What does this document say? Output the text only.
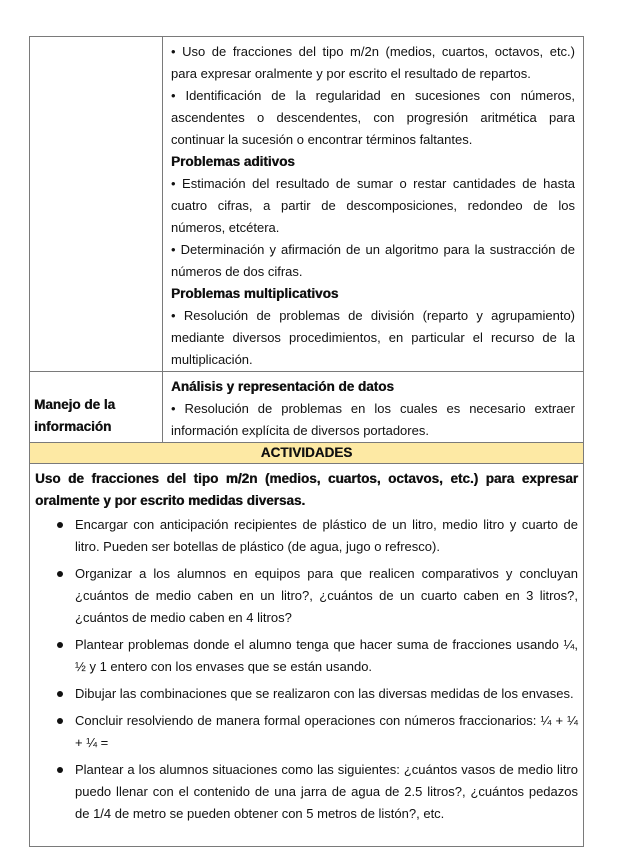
• Uso de fracciones del tipo m/2n (medios, cuartos, octavos, etc.) para expresar oralmente y por escrito el resultado de repartos.

• Identificación de la regularidad en sucesiones con números, ascendentes o descendentes, con progresión aritmética para continuar la sucesión o encontrar términos faltantes.

Problemas aditivos

• Estimación del resultado de sumar o restar cantidades de hasta cuatro cifras, a partir de descomposiciones, redondeo de los números, etcétera.

• Determinación y afirmación de un algoritmo para la sustracción de números de dos cifras.

Problemas multiplicativos

• Resolución de problemas de división (reparto y agrupamiento) mediante diversos procedimientos, en particular el recurso de la multiplicación.

Manejo de la
información

Análisis y representación de datos

• Resolución de problemas en los cuales es necesario extraer información explícita de diversos portadores.

ACTIVIDADES

Uso de fracciones del tipo m/2n (medios, cuartos, octavos, etc.) para expresar oralmente y por escrito medidas diversas.

Encargar con anticipación recipientes de plástico de un litro, medio litro y cuarto de litro. Pueden ser botellas de plástico (de agua, jugo o refresco).
Organizar a los alumnos en equipos para que realicen comparativos y concluyan ¿cuántos de medio caben en un litro?, ¿cuántos de un cuarto caben en 3 litros?, ¿cuántos de medio caben en 4 litros?
Plantear problemas donde el alumno tenga que hacer suma de fracciones usando ¼, ½ y 1 entero con los envases que se están usando.
Dibujar las combinaciones que se realizaron con las diversas medidas de los envases.
Concluir resolviendo de manera formal operaciones con números fraccionarios: ¼ + ¼ + ¼ =
Plantear a los alumnos situaciones como las siguientes: ¿cuántos vasos de medio litro puedo llenar con el contenido de una jarra de agua de 2.5 litros?, ¿cuántos pedazos de 1/4 de metro se pueden obtener con 5 metros de listón?, etc.
